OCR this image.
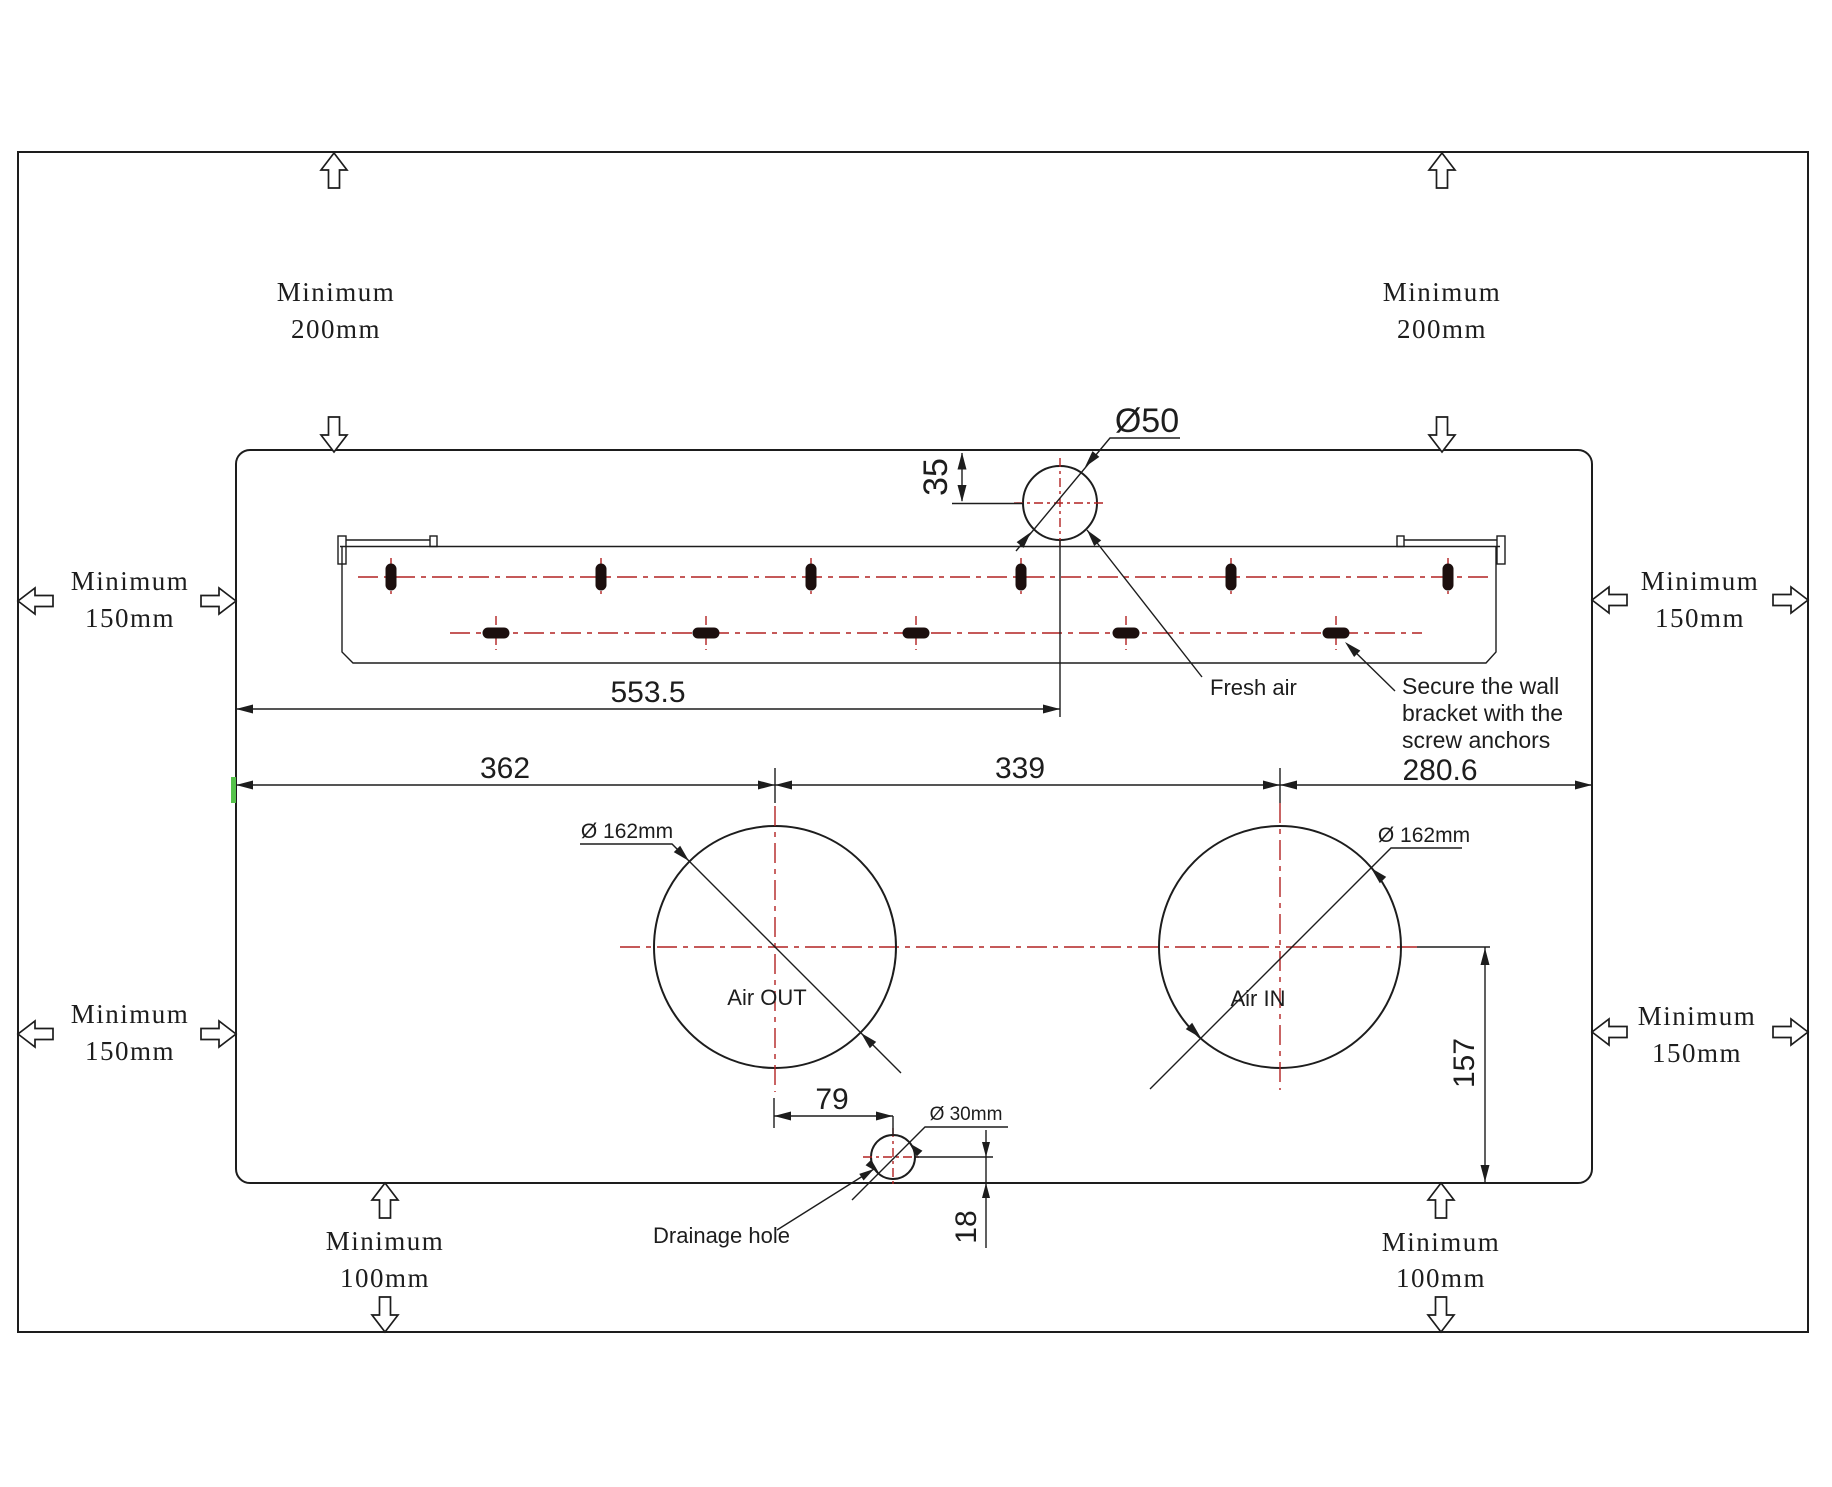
Ø50
35
Fresh air	Secure the wall
bracket with the
screw anchors
553.5
362	339	280.6
Ø 162mm
Air OUT
Ø 162mm
Air IN
157
79	Ø 30mm
18
Drainage hole
Minimum
200mm
Minimum
200mm
Minimum
150mm
Minimum
150mm
Minimum
150mm
Minimum
150mm
Minimum
100mm
Minimum
100mm
